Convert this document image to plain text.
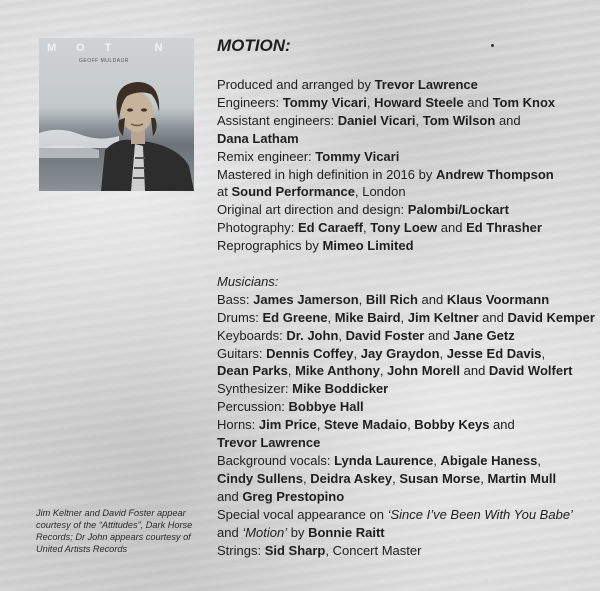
MOT N
GEOFF MULDAUR
MOTION:
Produced and arranged by Trevor Lawrence
Engineers: Tommy Vicari, Howard Steele and Tom Knox
Assistant engineers: Daniel Vicari, Tom Wilson and
Dana Latham
Remix engineer: Tommy Vicari
Mastered in high definition in 2016 by Andrew Thompson
at Sound Performance, London
Original art direction and design: Palombi/Lockart
Photography: Ed Caraeff, Tony Loew and Ed Thrasher
Reprographics by Mimeo Limited
Musicians:
Bass: James Jamerson, Bill Rich and Klaus Voormann
Drums: Ed Greene, Mike Baird, Jim Keltner and David Kemper
Keyboards: Dr. John, David Foster and Jane Getz
Guitars: Dennis Coffey, Jay Graydon, Jesse Ed Davis,
Dean Parks, Mike Anthony, John Morell and David Wolfert
Synthesizer: Mike Boddicker
Percussion: Bobbye Hall
Horns: Jim Price, Steve Madaio, Bobby Keys and
Trevor Lawrence
Background vocals: Lynda Laurence, Abigale Haness,
Cindy Sullens, Deidra Askey, Susan Morse, Martin Mull
and Greg Prestopino
Special vocal appearance on ‘Since I’ve Been With You Babe’
and ‘Motion’ by Bonnie Raitt
Strings: Sid Sharp, Concert Master
Jim Keltner and David Foster appear courtesy of the “Attitudes”, Dark Horse Records; Dr John appears courtesy of United Artists Records
